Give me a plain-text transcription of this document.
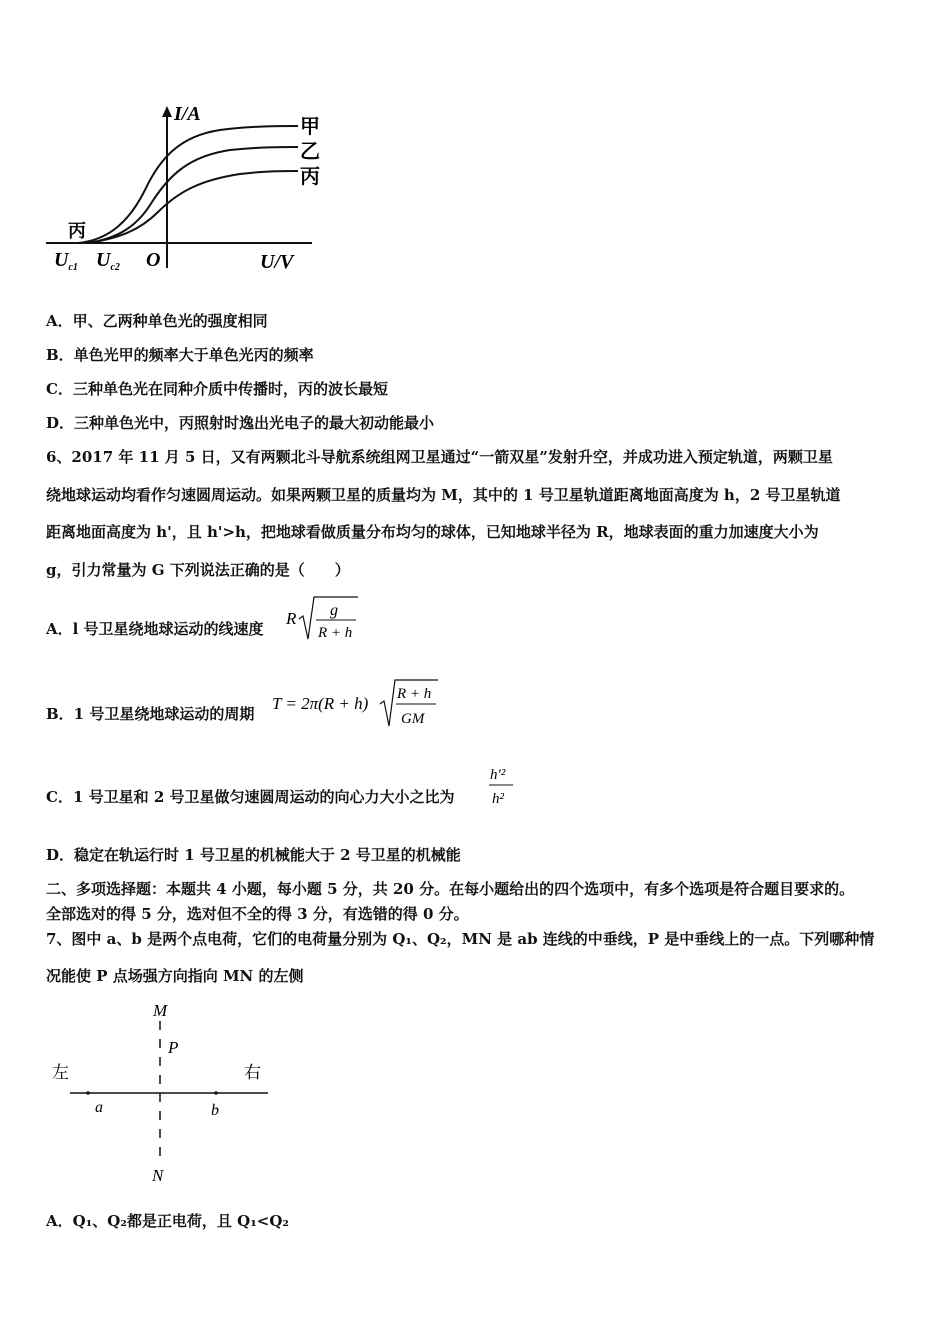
I/A
甲
乙
丙
丙
$U_{c1}$ $U_{c2}$ O	U/V
A．甲、乙两种单色光的强度相同
B．单色光甲的频率大于单色光丙的频率
C．三种单色光在同种介质中传播时，丙的波长最短
D．三种单色光中，丙照射时逸出光电子的最大初动能最小
6、2017 年 11 月 5 日，又有两颗北斗导航系统组网卫星通过“一箭双星”发射升空，并成功进入预定轨道，两颗卫星
绕地球运动均看作匀速圆周运动。如果两颗卫星的质量均为 M，其中的 1 号卫星轨道距离地面高度为 h，2 号卫星轨道
距离地面高度为 h'，且 h'>h，把地球看做质量分布均匀的球体，已知地球半径为 R，地球表面的重力加速度大小为
g，引力常量为 G 下列说法正确的是（　　）
A．l 号卫星绕地球运动的线速度
R g
R + h
B．1 号卫星绕地球运动的周期
T = 2π(R + h) R + h
GM
C．1 号卫星和 2 号卫星做匀速圆周运动的向心力大小之比为
h'²
h²
D．稳定在轨运行时 1 号卫星的机械能大于 2 号卫星的机械能
二、多项选择题：本题共 4 小题，每小题 5 分，共 20 分。在每小题给出的四个选项中，有多个选项是符合题目要求的。
全部选对的得 5 分，选对但不全的得 3 分，有选错的得 0 分。
7、图中 a、b 是两个点电荷，它们的电荷量分别为 Q₁、Q₂，MN 是 ab 连线的中垂线，P 是中垂线上的一点。下列哪种情
况能使 P 点场强方向指向 MN 的左侧
M
P
N
左	右
a	b
A．Q₁、Q₂都是正电荷，且 Q₁<Q₂
